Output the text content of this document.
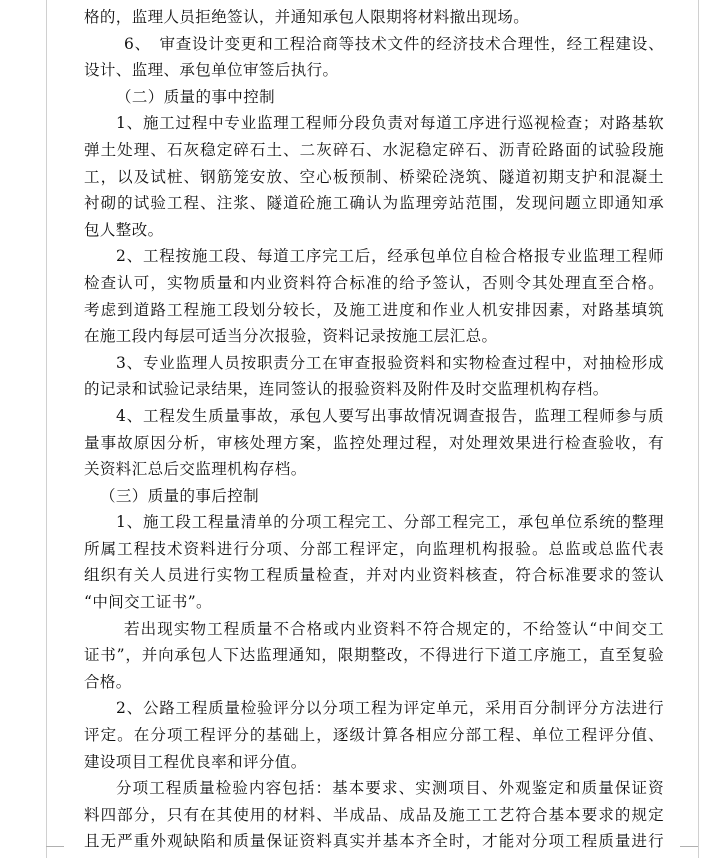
格的，监理人员拒绝签认，并通知承包人限期将材料撤出现场。
6、　审查设计变更和工程洽商等技术文件的经济技术合理性，经工程建设、
设计、监理、承包单位审签后执行。
（二）质量的事中控制
1、施工过程中专业监理工程师分段负责对每道工序进行巡视检查；对路基软
弹土处理、石灰稳定碎石土、二灰碎石、水泥稳定碎石、沥青砼路面的试验段施
工，以及试桩、钢筋笼安放、空心板预制、桥梁砼浇筑、隧道初期支护和混凝土
衬砌的试验工程、注浆、隧道砼施工确认为监理旁站范围，发现问题立即通知承
包人整改。
2、工程按施工段、每道工序完工后，经承包单位自检合格报专业监理工程师
检查认可，实物质量和内业资料符合标准的给予签认，否则令其处理直至合格。
考虑到道路工程施工段划分较长，及施工进度和作业人机安排因素，对路基填筑
在施工段内每层可适当分次报验，资料记录按施工层汇总。
3、专业监理人员按职责分工在审查报验资料和实物检查过程中，对抽检形成
的记录和试验记录结果，连同签认的报验资料及附件及时交监理机构存档。
4、工程发生质量事故，承包人要写出事故情况调查报告，监理工程师参与质
量事故原因分析，审核处理方案，监控处理过程，对处理效果进行检查验收，有
关资料汇总后交监理机构存档。
（三）质量的事后控制
1、施工段工程量清单的分项工程完工、分部工程完工，承包单位系统的整理
所属工程技术资料进行分项、分部工程评定，向监理机构报验。总监或总监代表
组织有关人员进行实物工程质量检查，并对内业资料核查，符合标准要求的签认
“中间交工证书”。
若出现实物工程质量不合格或内业资料不符合规定的，不给签认“中间交工
证书”，并向承包人下达监理通知，限期整改，不得进行下道工序施工，直至复验
合格。
2、公路工程质量检验评分以分项工程为评定单元，采用百分制评分方法进行
评定。在分项工程评分的基础上，逐级计算各相应分部工程、单位工程评分值、
建设项目工程优良率和评分值。
分项工程质量检验内容包括：基本要求、实测项目、外观鉴定和质量保证资
料四部分，只有在其使用的材料、半成品、成品及施工工艺符合基本要求的规定
且无严重外观缺陷和质量保证资料真实并基本齐全时，才能对分项工程质量进行
